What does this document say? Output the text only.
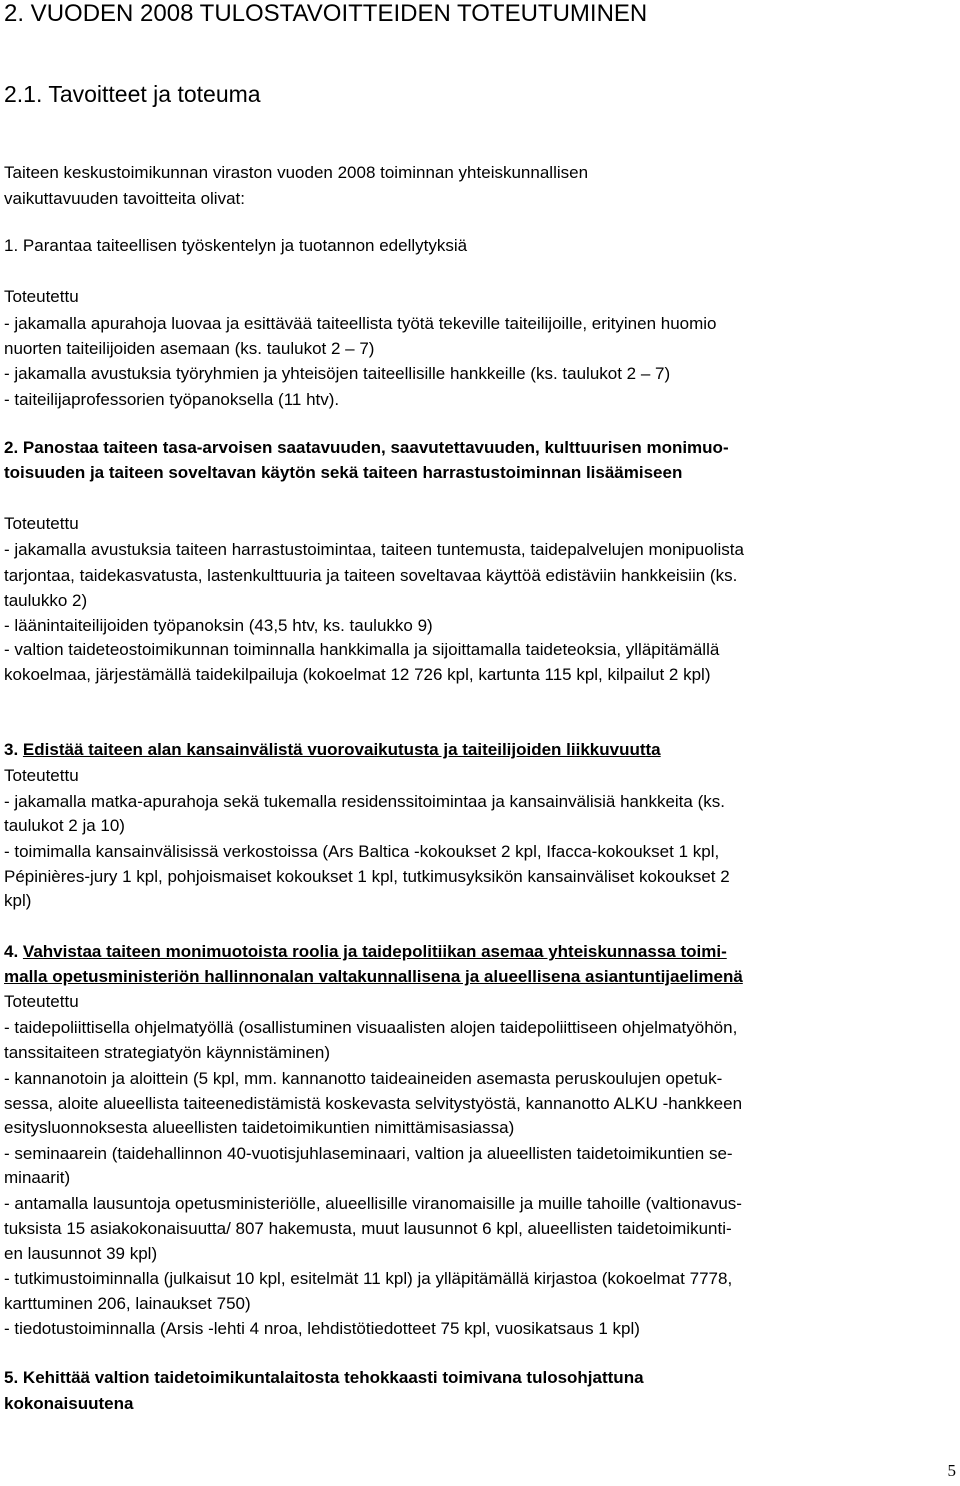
2. VUODEN 2008 TULOSTAVOITTEIDEN TOTEUTUMINEN

2.1. Tavoitteet ja toteuma

Taiteen keskustoimikunnan viraston vuoden 2008 toiminnan yhteiskunnallisen

vaikuttavuuden tavoitteita olivat:

1. Parantaa taiteellisen työskentelyn ja tuotannon edellytyksiä

Toteutettu

- jakamalla apurahoja luovaa ja esittävää taiteellista työtä tekeville taiteilijoille, erityinen huomio

nuorten taiteilijoiden asemaan (ks. taulukot 2 – 7)

- jakamalla avustuksia työryhmien ja yhteisöjen taiteellisille hankkeille (ks. taulukot 2 – 7)

- taiteilijaprofessorien työpanoksella (11 htv).

2. Panostaa taiteen tasa-arvoisen saatavuuden, saavutettavuuden, kulttuurisen monimuo-

toisuuden ja taiteen soveltavan käytön sekä taiteen harrastustoiminnan lisäämiseen

Toteutettu

- jakamalla avustuksia taiteen harrastustoimintaa, taiteen tuntemusta, taidepalvelujen monipuolista

tarjontaa, taidekasvatusta, lastenkulttuuria ja taiteen soveltavaa käyttöä edistäviin hankkeisiin (ks.

taulukko 2)

- läänintaiteilijoiden työpanoksin (43,5 htv, ks. taulukko 9)

- valtion taideteostoimikunnan toiminnalla hankkimalla ja sijoittamalla taideteoksia, ylläpitämällä

kokoelmaa, järjestämällä taidekilpailuja (kokoelmat 12 726 kpl, kartunta 115 kpl, kilpailut 2 kpl)

3. Edistää taiteen alan kansainvälistä vuorovaikutusta ja taiteilijoiden liikkuvuutta

Toteutettu

- jakamalla matka-apurahoja sekä tukemalla residenssitoimintaa ja kansainvälisiä hankkeita (ks.

taulukot 2 ja 10)

- toimimalla kansainvälisissä verkostoissa (Ars Baltica -kokoukset 2 kpl, Ifacca-kokoukset 1 kpl,

Pépinières-jury 1 kpl, pohjoismaiset kokoukset 1 kpl, tutkimusyksikön kansainväliset kokoukset 2

kpl)

4. Vahvistaa taiteen monimuotoista roolia ja taidepolitiikan asemaa yhteiskunnassa toimi-

malla opetusministeriön hallinnonalan valtakunnallisena ja alueellisena asiantuntijaelimenä

Toteutettu

- taidepoliittisella ohjelmatyöllä (osallistuminen visuaalisten alojen taidepoliittiseen ohjelmatyöhön,

tanssitaiteen strategiatyön käynnistäminen)

- kannanotoin ja aloittein (5 kpl, mm. kannanotto taideaineiden asemasta peruskoulujen opetuk-

sessa, aloite alueellista taiteenedistämistä koskevasta selvitystyöstä, kannanotto ALKU -hankkeen

esitysluonnoksesta alueellisten taidetoimikuntien nimittämisasiassa)

- seminaarein (taidehallinnon 40-vuotisjuhlaseminaari, valtion ja alueellisten taidetoimikuntien se-

minaarit)

- antamalla lausuntoja opetusministeriölle, alueellisille viranomaisille ja muille tahoille (valtionavus-

tuksista 15 asiakokonaisuutta/ 807 hakemusta, muut lausunnot 6 kpl, alueellisten taidetoimikunti-

en lausunnot 39 kpl)

- tutkimustoiminnalla (julkaisut 10 kpl, esitelmät 11 kpl) ja ylläpitämällä kirjastoa (kokoelmat 7778,

karttuminen 206, lainaukset 750)

- tiedotustoiminnalla (Arsis -lehti 4 nroa, lehdistötiedotteet 75 kpl, vuosikatsaus 1 kpl)

5. Kehittää valtion taidetoimikuntalaitosta tehokkaasti toimivana tulosohjattuna

kokonaisuutena

5
